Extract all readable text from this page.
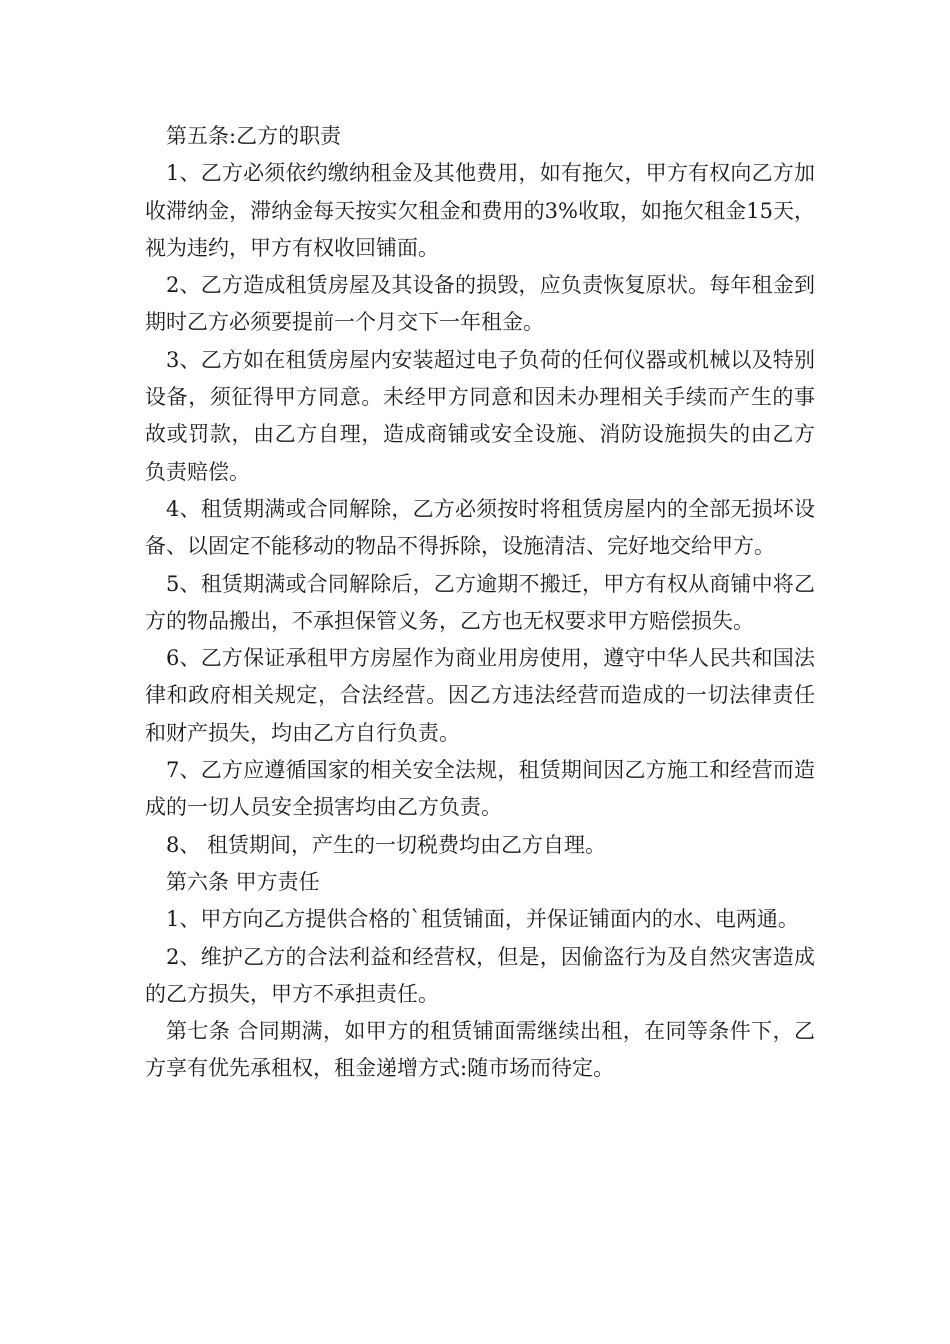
第五条:乙方的职责

1、乙方必须依约缴纳租金及其他费用，如有拖欠，甲方有权向乙方加收滞纳金，滞纳金每天按实欠租金和费用的3%收取，如拖欠租金15天，视为违约，甲方有权收回铺面。

2、乙方造成租赁房屋及其设备的损毁，应负责恢复原状。每年租金到期时乙方必须要提前一个月交下一年租金。

3、乙方如在租赁房屋内安装超过电子负荷的任何仪器或机械以及特别设备，须征得甲方同意。未经甲方同意和因未办理相关手续而产生的事故或罚款，由乙方自理，造成商铺或安全设施、消防设施损失的由乙方负责赔偿。

4、租赁期满或合同解除，乙方必须按时将租赁房屋内的全部无损坏设备、以固定不能移动的物品不得拆除，设施清洁、完好地交给甲方。

5、租赁期满或合同解除后，乙方逾期不搬迁，甲方有权从商铺中将乙方的物品搬出，不承担保管义务，乙方也无权要求甲方赔偿损失。

6、乙方保证承租甲方房屋作为商业用房使用，遵守中华人民共和国法律和政府相关规定，合法经营。因乙方违法经营而造成的一切法律责任和财产损失，均由乙方自行负责。

7、乙方应遵循国家的相关安全法规，租赁期间因乙方施工和经营而造成的一切人员安全损害均由乙方负责。

8、 租赁期间，产生的一切税费均由乙方自理。

第六条 甲方责任

1、甲方向乙方提供合格的`租赁铺面，并保证铺面内的水、电两通。

2、维护乙方的合法利益和经营权，但是，因偷盗行为及自然灾害造成的乙方损失，甲方不承担责任。

第七条 合同期满，如甲方的租赁铺面需继续出租，在同等条件下，乙方享有优先承租权，租金递增方式:随市场而待定。
